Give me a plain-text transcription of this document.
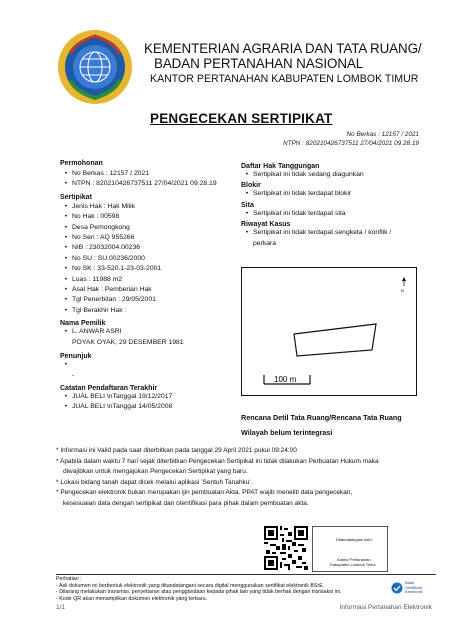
KEMENTERIAN AGRARIA DAN TATA RUANG/
BADAN PERTANAHAN NASIONAL
KANTOR PERTANAHAN KABUPATEN LOMBOK TIMUR
PENGECEKAN SERTIPIKAT
No Berkas : 12157 / 2021
NTPN : 820210426737511 27/04/2021 09.28.19
Permohonan
• No Berkas : 12157 / 2021
• NTPN : 820210426737511 27/04/2021 09.28.19
Sertipikat
• Jenis Hak : Hak Milik
• No Hak : 00598
• Desa Pemongkong
• No Seri : AQ 955266
• NIB : 23032004.00236
• No SU : SU.00236/2000
• No SK : 33-520.1-23-03-2001
• Luas : 11988 m2
• Asal Hak : Pemberian Hak
• Tgl Penerbitan : 29/05/2001
• Tgl Berakhir Hak :
Nama Pemilik
• L. ANWAR ASRI
POYAK OYAK, 29 DESEMBER 1981
Penunjuk
•
-
Catatan Pendaftaran Terakhir
• JUAL BELI \nTanggal 19/12/2017
• JUAL BELI \nTanggal 14/05/2008
Daftar Hak Tanggungan
• Sertipikat ini tidak sedang diagunkan
Blokir
• Sertipikat ini tidak terdapat blokir
Sita
• Sertipikat ini tidak terdapat sita
Riwayat Kasus
• Sertipikat ini tidak terdapat sengketa / konflik /
perkara
N
100 m
Rencana Detil Tata Ruang/Rencana Tata Ruang
Wilayah belum terintegrasi
* Informasi ini Valid pada saat diterbitkan pada tanggal 29 April 2021 pukul 09:24:00
* Apabila dalam waktu 7 hari sejak diterbitkan Pengecekan Sertipikat ini tidak dilakukan Perbuatan Hukum maka
diwajibkan untuk mengajukan Pengecekan Sertipikat yang baru.
* Lokasi bidang tanah dapat dicek melalui aplikasi 'Sentuh Tanahku'.
* Pengecekan elektronik bukan merupakan ijin pembuatan Akta. PPAT wajib meneliti data pengecekan,
kesesuaian data dengan sertipikat dan otentifikasi para pihak dalam pembuatan akta.
Ditandatangani oleh:
Kantor Pertanahan
Kabupaten Lombok Timur
Perhatian :
- Asli dokumen ini berbentuk elektronik yang ditandatangani secara digital menggunakan sertifikat elektronik BSrE.
- Dilarang melakukan transmisi, penyebaran atau penggandaan kepada pihak lain yang tidak berhak dengan transaksi ini.
- Kode QR akan menampilkan dokumen elektronik yang terbaru.
Balai
Sertifikasi
Elektronik
1/1	Informasi Pertanahan Elektronik
